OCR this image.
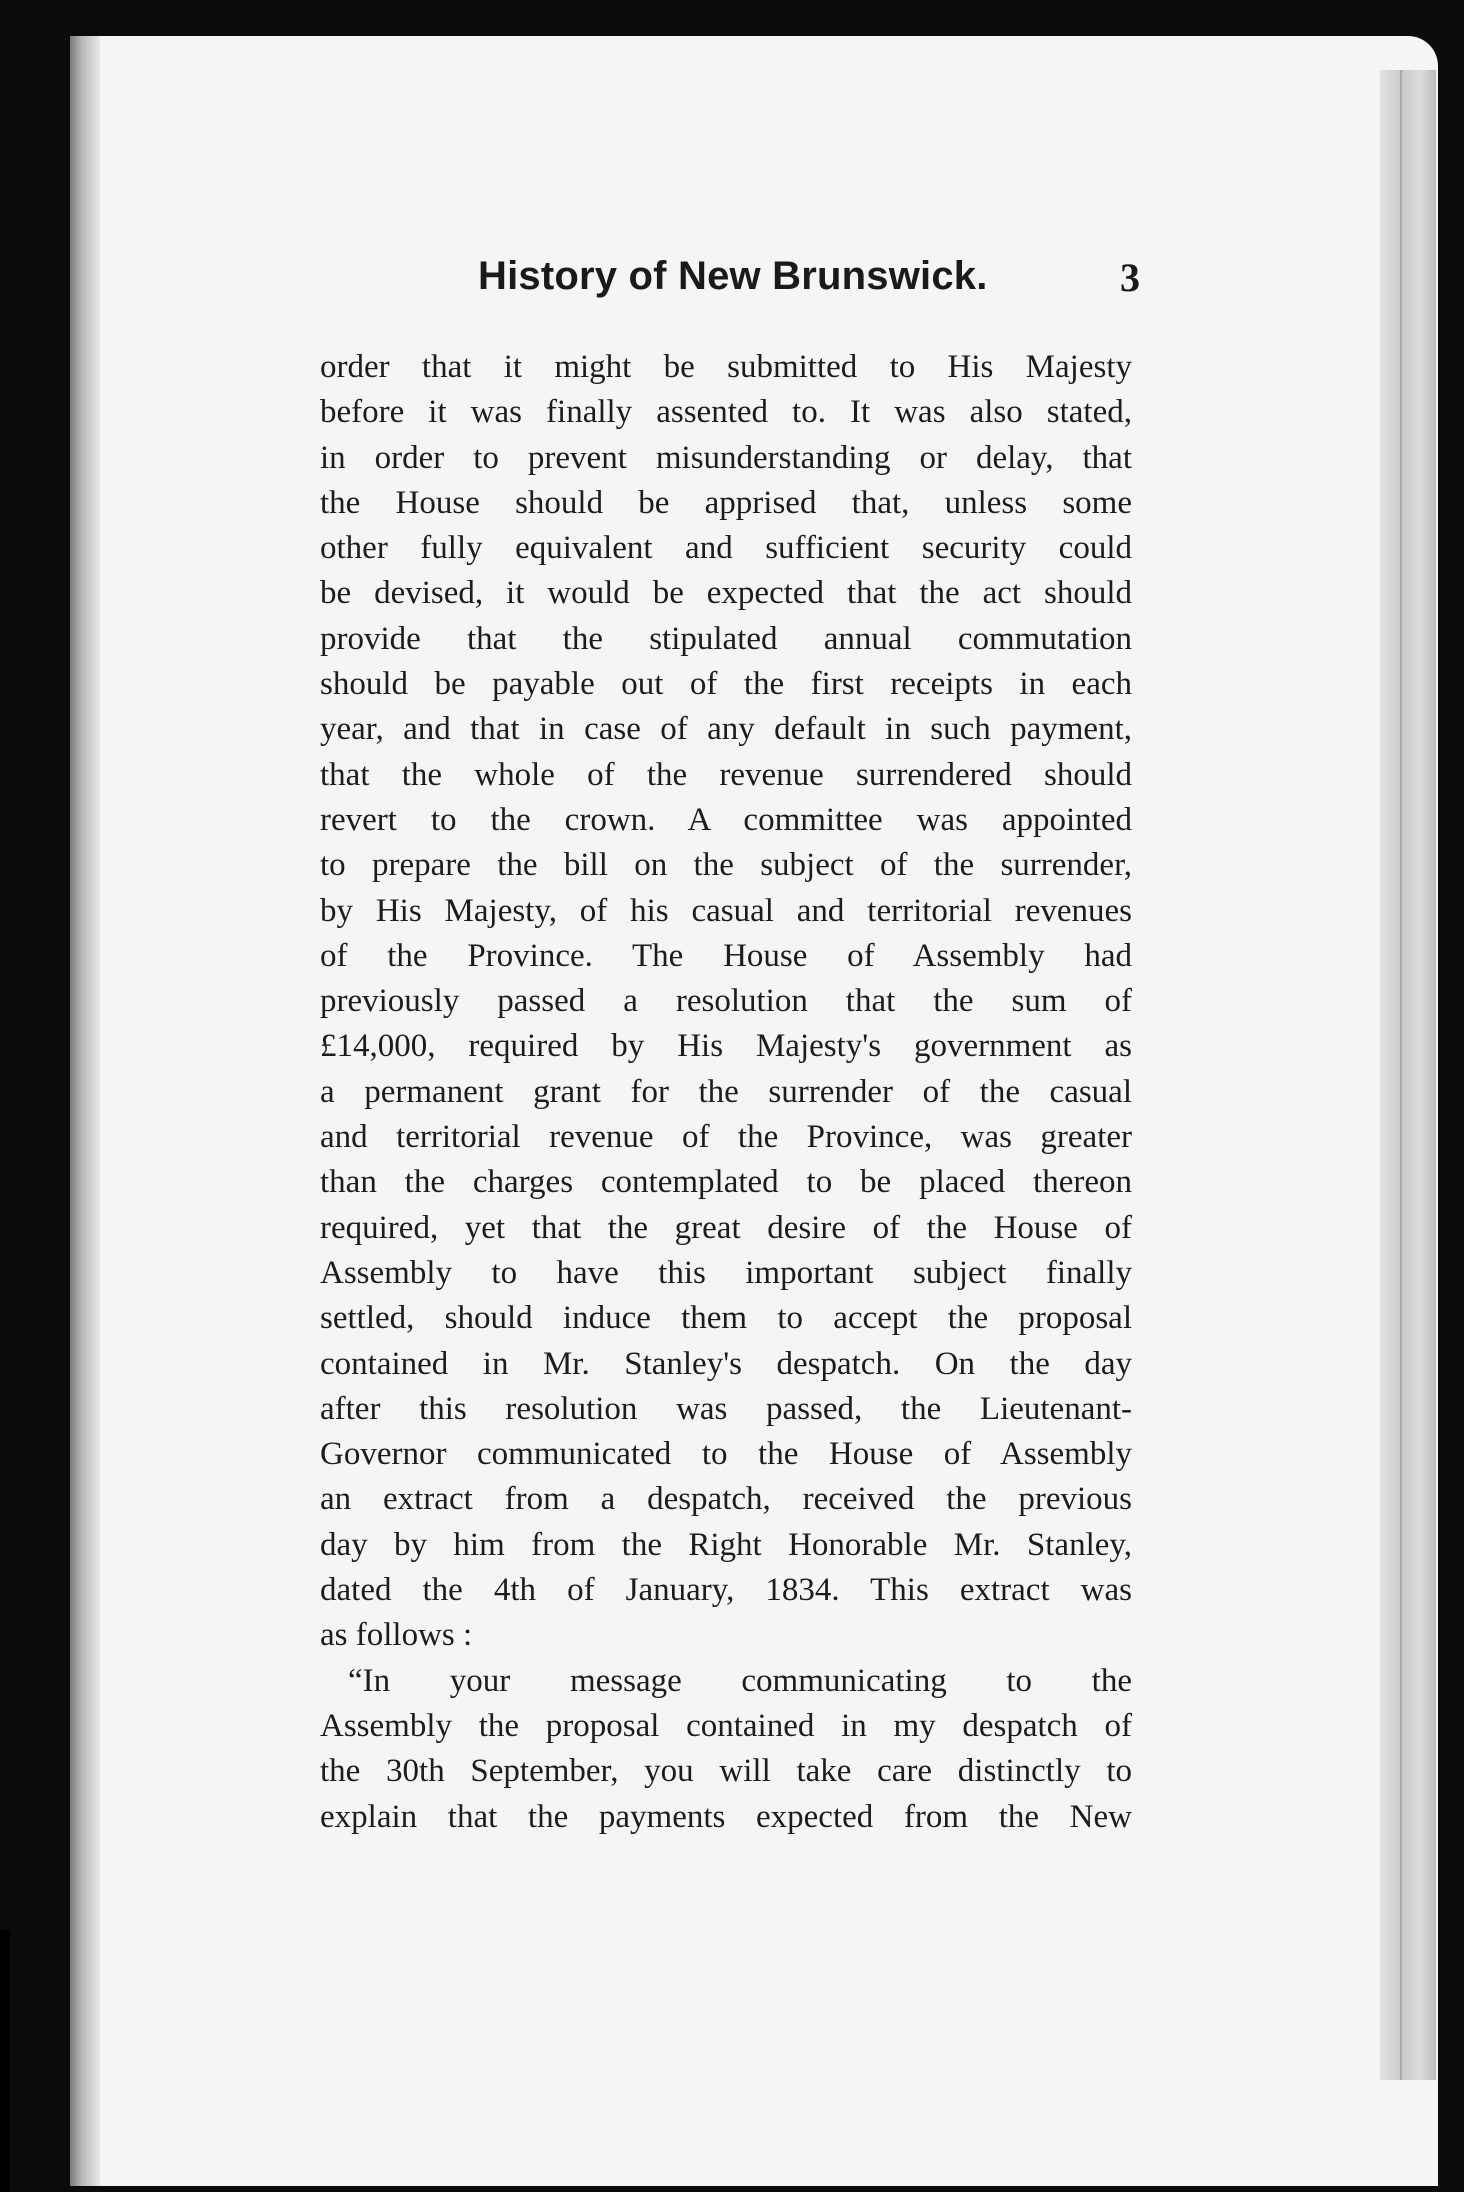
History of New Brunswick.	3
order that it might be submitted to His Majesty
before it was finally assented to. It was also stated,
in order to prevent misunderstanding or delay, that
the House should be apprised that, unless some
other fully equivalent and sufficient security could
be devised, it would be expected that the act should
provide that the stipulated annual commutation
should be payable out of the first receipts in each
year, and that in case of any default in such payment,
that the whole of the revenue surrendered should
revert to the crown. A committee was appointed
to prepare the bill on the subject of the surrender,
by His Majesty, of his casual and territorial revenues
of the Province. The House of Assembly had
previously passed a resolution that the sum of
£14,000, required by His Majesty's government as
a permanent grant for the surrender of the casual
and territorial revenue of the Province, was greater
than the charges contemplated to be placed thereon
required, yet that the great desire of the House of
Assembly to have this important subject finally
settled, should induce them to accept the proposal
contained in Mr. Stanley's despatch. On the day
after this resolution was passed, the Lieutenant-
Governor communicated to the House of Assembly
an extract from a despatch, received the previous
day by him from the Right Honorable Mr. Stanley,
dated the 4th of January, 1834. This extract was
as follows :
“In your message communicating to the
Assembly the proposal contained in my despatch of
the 30th September, you will take care distinctly to
explain that the payments expected from the New
